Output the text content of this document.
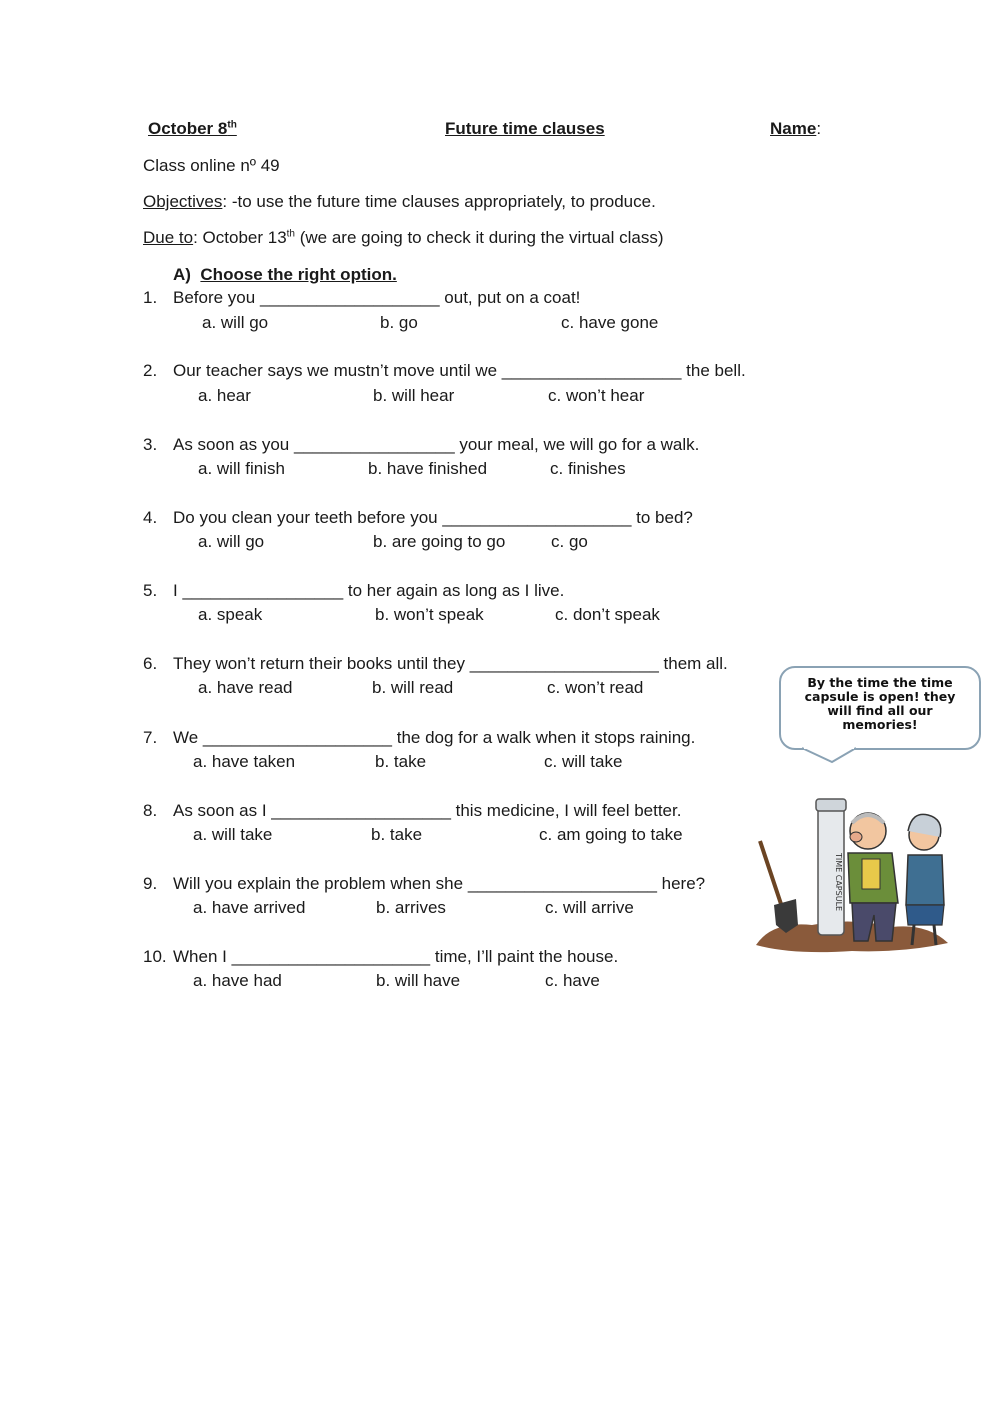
October 8th	Future time clauses	Name:
Class online nº 49
Objectives: -to use the future time clauses appropriately, to produce.
Due to: October 13th (we are going to check it during the virtual class)
A) Choose the right option.
1. Before you ___________________ out, put on a coat!
a. will go	b. go	c. have gone
2. Our teacher says we mustn’t move until we ___________________ the bell.
a. hear	b. will hear	c. won’t hear
3. As soon as you _________________ your meal, we will go for a walk.
a. will finish	b. have finished	c. finishes
4. Do you clean your teeth before you ____________________ to bed?
a. will go	b. are going to go	c. go
5. I _________________ to her again as long as I live.
a. speak	b. won’t speak	c. don’t speak
6. They won’t return their books until they ____________________ them all.
a. have read	b. will read	c. won’t read
7. We ____________________ the dog for a walk when it stops raining.
a. have taken	b. take	c. will take
8. As soon as I ___________________ this medicine, I will feel better.
a. will take	b. take	c. am going to take
9. Will you explain the problem when she ____________________ here?
a. have arrived	b. arrives	c. will arrive
10. When I _____________________ time, I’ll paint the house.
a. have had	b. will have	c. have
By the time the time capsule is open! they will find all our memories!
TIME CAPSULE
